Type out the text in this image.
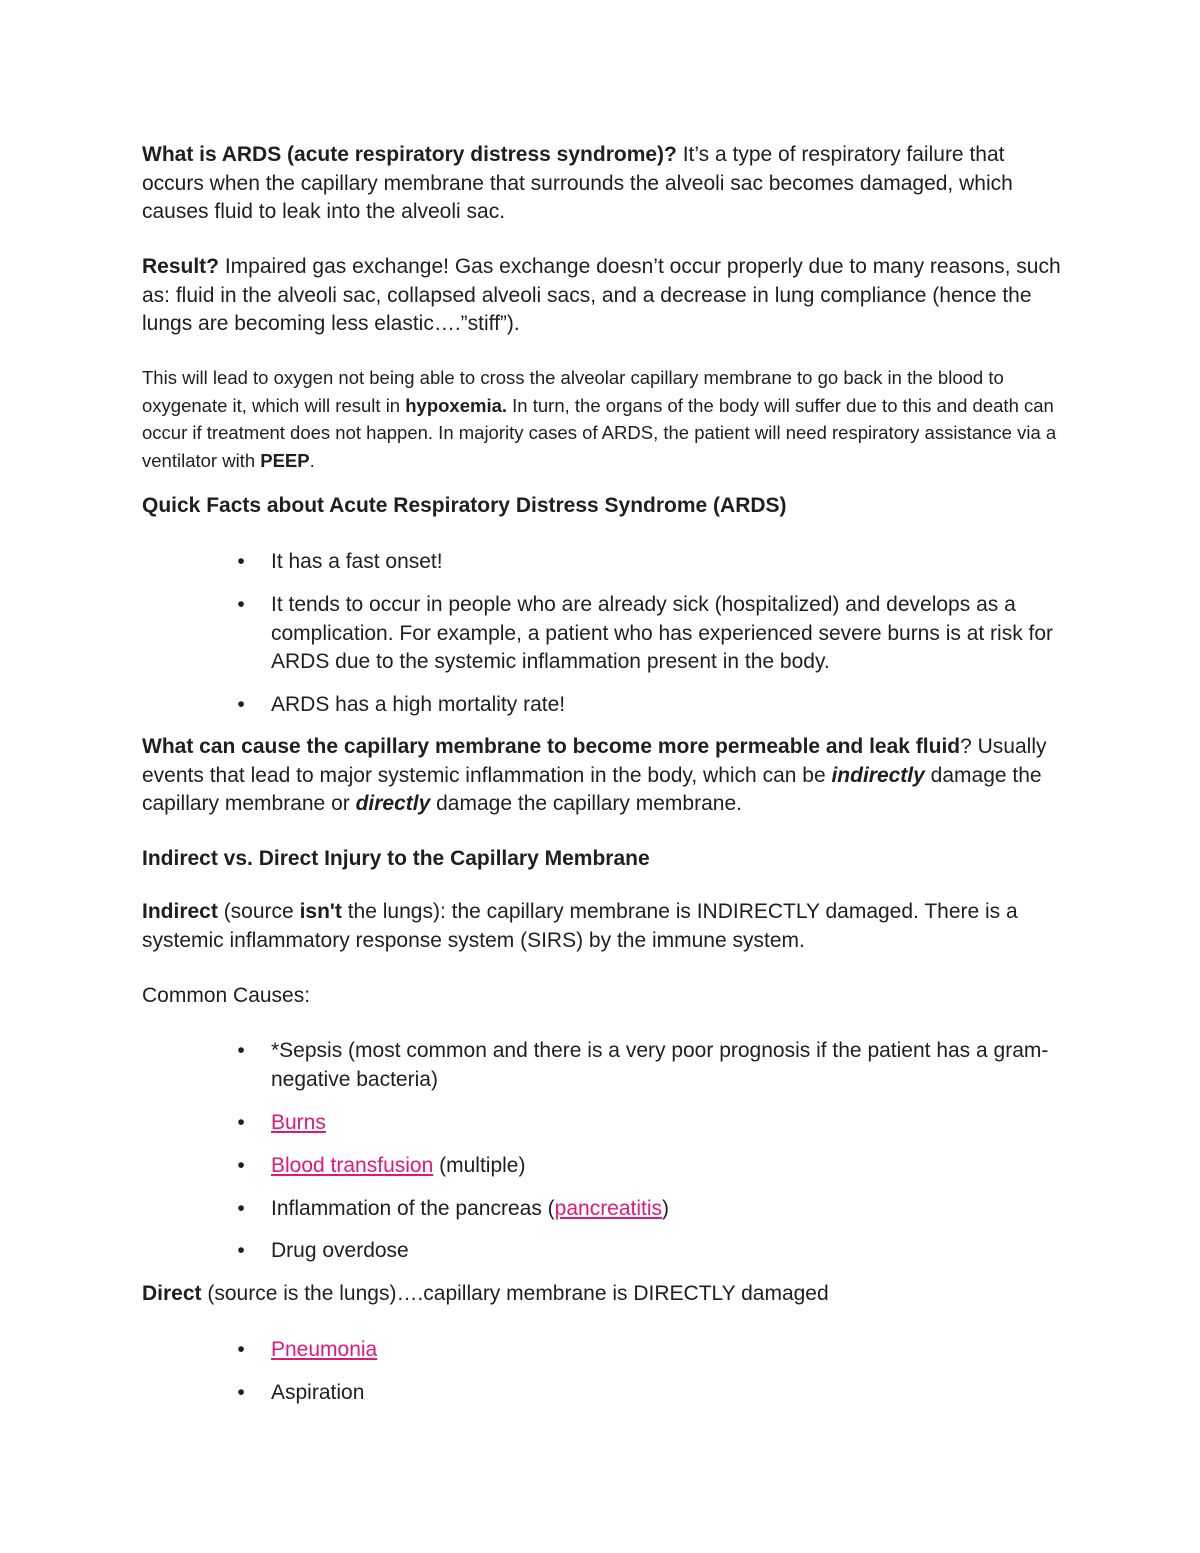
What is ARDS (acute respiratory distress syndrome)? It’s a type of respiratory failure that occurs when the capillary membrane that surrounds the alveoli sac becomes damaged, which causes fluid to leak into the alveoli sac.

Result? Impaired gas exchange! Gas exchange doesn’t occur properly due to many reasons, such as: fluid in the alveoli sac, collapsed alveoli sacs, and a decrease in lung compliance (hence the lungs are becoming less elastic….”stiff”).

This will lead to oxygen not being able to cross the alveolar capillary membrane to go back in the blood to oxygenate it, which will result in hypoxemia. In turn, the organs of the body will suffer due to this and death can occur if treatment does not happen. In majority cases of ARDS, the patient will need respiratory assistance via a ventilator with PEEP.

Quick Facts about Acute Respiratory Distress Syndrome (ARDS)

•	It has a fast onset!
•	It tends to occur in people who are already sick (hospitalized) and develops as a complication. For example, a patient who has experienced severe burns is at risk for ARDS due to the systemic inflammation present in the body.
•	ARDS has a high mortality rate!

What can cause the capillary membrane to become more permeable and leak fluid? Usually events that lead to major systemic inflammation in the body, which can be indirectly damage the capillary membrane or directly damage the capillary membrane.

Indirect vs. Direct Injury to the Capillary Membrane

Indirect (source isn't the lungs): the capillary membrane is INDIRECTLY damaged. There is a systemic inflammatory response system (SIRS) by the immune system.

Common Causes:

•	*Sepsis (most common and there is a very poor prognosis if the patient has a gram-negative bacteria)
•	Burns
•	Blood transfusion (multiple)
•	Inflammation of the pancreas (pancreatitis)
•	Drug overdose

Direct (source is the lungs)….capillary membrane is DIRECTLY damaged

•	Pneumonia
•	Aspiration
